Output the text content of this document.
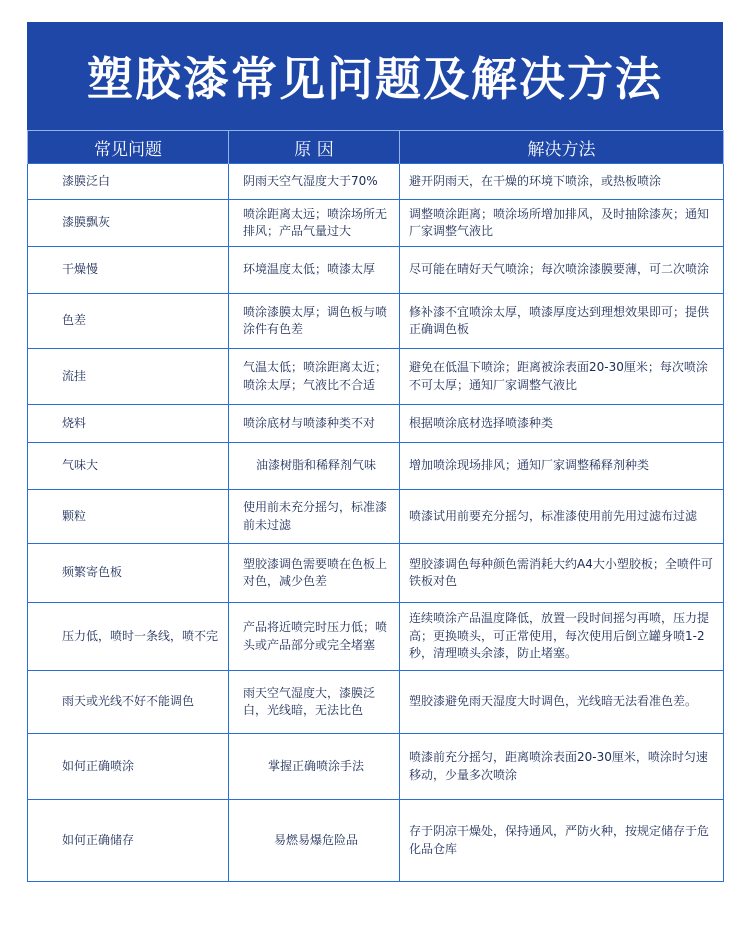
塑胶漆常见问题及解决方法
常见问题	原 因	解决方法
漆膜泛白	阴雨天空气湿度大于70%	避开阴雨天，在干燥的环境下喷涂，或热板喷涂
漆膜飘灰	喷涂距离太远；喷涂场所无排风；产品气量过大	调整喷涂距离；喷涂场所增加排风，及时抽除漆灰；通知厂家调整气液比
干燥慢	环境温度太低；喷漆太厚	尽可能在晴好天气喷涂；每次喷涂漆膜要薄，可二次喷涂
色差	喷涂漆膜太厚；调色板与喷涂件有色差	修补漆不宜喷涂太厚，喷漆厚度达到理想效果即可；提供正确调色板
流挂	气温太低；喷涂距离太近；喷涂太厚；气液比不合适	避免在低温下喷涂；距离被涂表面20-30厘米；每次喷涂不可太厚；通知厂家调整气液比
烧料	喷涂底材与喷漆种类不对	根据喷涂底材选择喷漆种类
气味大	油漆树脂和稀释剂气味	增加喷涂现场排风；通知厂家调整稀释剂种类
颗粒	使用前未充分摇匀，标准漆前未过滤	喷漆试用前要充分摇匀，标准漆使用前先用过滤布过滤
频繁寄色板	塑胶漆调色需要喷在色板上对色，减少色差	塑胶漆调色每种颜色需消耗大约A4大小塑胶板；全喷件可铁板对色
压力低，喷时一条线，喷不完	产品将近喷完时压力低；喷头或产品部分或完全堵塞	连续喷涂产品温度降低，放置一段时间摇匀再喷，压力提高；更换喷头，可正常使用，每次使用后倒立罐身喷1-2秒，清理喷头余漆，防止堵塞。
雨天或光线不好不能调色	雨天空气湿度大，漆膜泛白，光线暗，无法比色	塑胶漆避免雨天湿度大时调色，光线暗无法看准色差。
如何正确喷涂	掌握正确喷涂手法	喷漆前充分摇匀，距离喷涂表面20-30厘米，喷涂时匀速移动，少量多次喷涂
如何正确储存	易燃易爆危险品	存于阴凉干燥处，保持通风，严防火种，按规定储存于危化品仓库
